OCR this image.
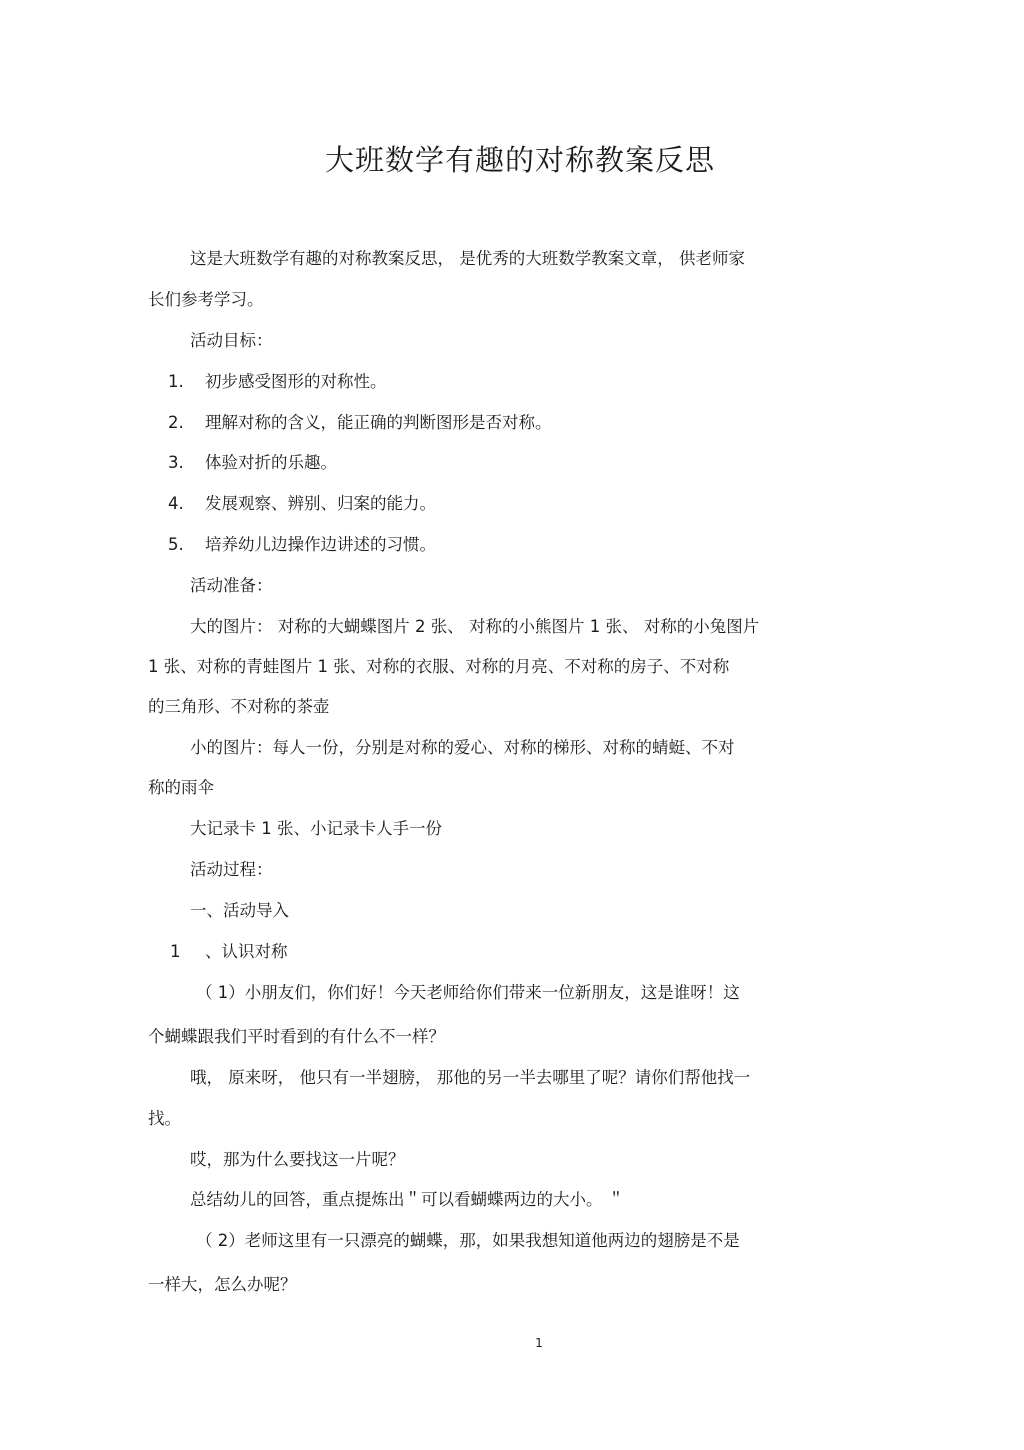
大班数学有趣的对称教案反思
这是大班数学有趣的对称教案反思， 是优秀的大班数学教案文章， 供老师家
长们参考学习。
活动目标：
1. 初步感受图形的对称性。
2. 理解对称的含义，能正确的判断图形是否对称。
3. 体验对折的乐趣。
4. 发展观察、辨别、归案的能力。
5. 培养幼儿边操作边讲述的习惯。
活动准备：
大的图片： 对称的大蝴蝶图片 2 张、 对称的小熊图片 1 张、 对称的小兔图片
1 张、对称的青蛙图片 1 张、对称的衣服、对称的月亮、不对称的房子、不对称
的三角形、不对称的茶壶
小的图片：每人一份，分别是对称的爱心、对称的梯形、对称的蜻蜓、不对
称的雨伞
大记录卡 1 张、小记录卡人手一份
活动过程：
一、活动导入
1 、认识对称
（ 1）小朋友们，你们好！今天老师给你们带来一位新朋友，这是谁呀！这
个蝴蝶跟我们平时看到的有什么不一样？
哦， 原来呀， 他只有一半翅膀， 那他的另一半去哪里了呢？请你们帮他找一
找。
哎，那为什么要找这一片呢？
总结幼儿的回答，重点提炼出＂可以看蝴蝶两边的大小。 ＂
（ 2）老师这里有一只漂亮的蝴蝶，那，如果我想知道他两边的翅膀是不是
一样大，怎么办呢？
1
